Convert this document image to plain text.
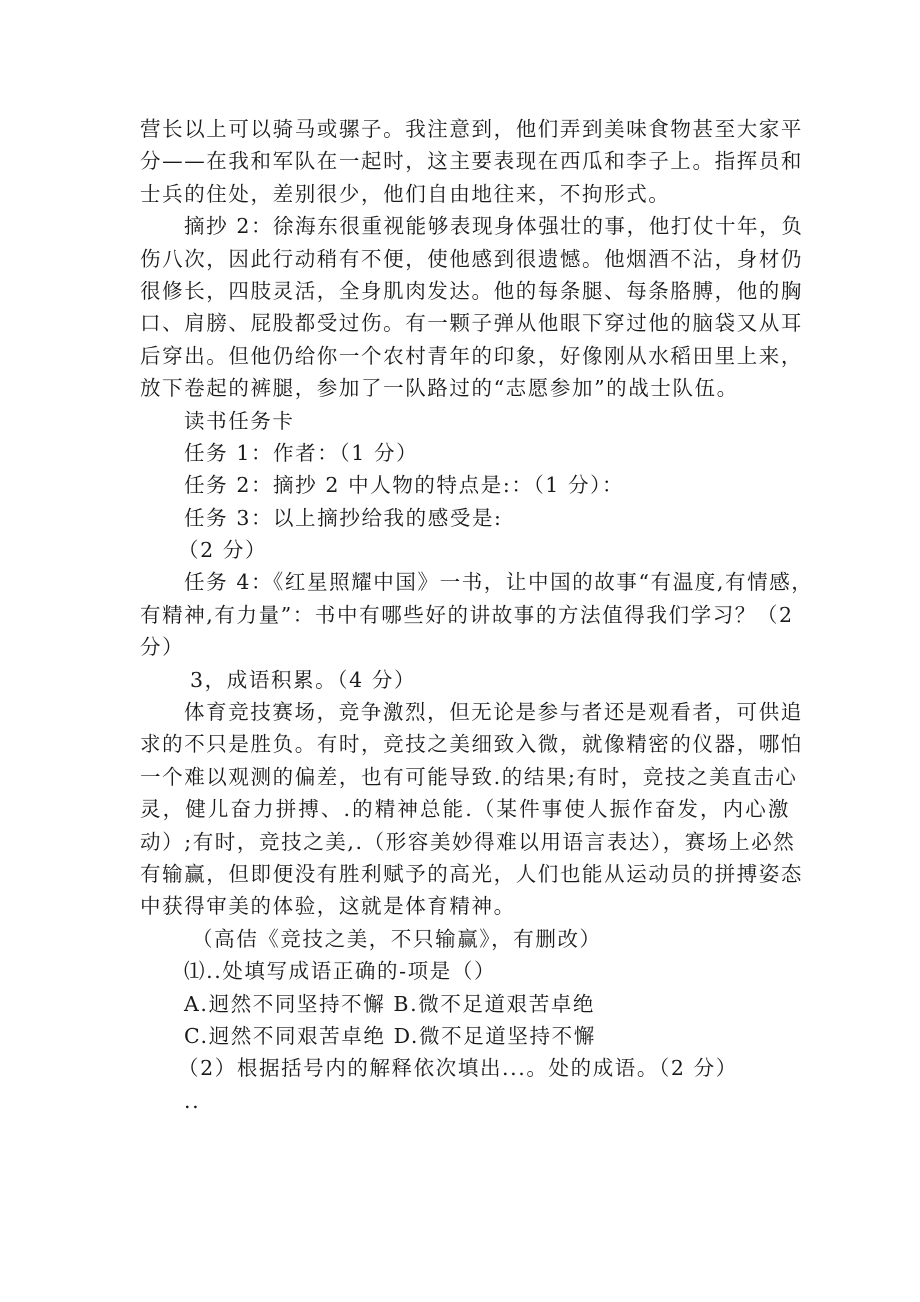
营长以上可以骑马或骡子。我注意到，他们弄到美味食物甚至大家平
分——在我和军队在一起时，这主要表现在西瓜和李子上。指挥员和
士兵的住处，差别很少，他们自由地往来，不拘形式。
摘抄 2：徐海东很重视能够表现身体强壮的事，他打仗十年，负
伤八次，因此行动稍有不便，使他感到很遗憾。他烟酒不沾，身材仍
很修长，四肢灵活，全身肌肉发达。他的每条腿、每条胳膊，他的胸
口、肩膀、屁股都受过伤。有一颗子弹从他眼下穿过他的脑袋又从耳
后穿出。但他仍给你一个农村青年的印象，好像刚从水稻田里上来，
放下卷起的裤腿，参加了一队路过的“志愿参加”的战士队伍。
读书任务卡
任务 1：作者：（1 分）
任务 2：摘抄 2 中人物的特点是:：（1 分）：
任务 3：以上摘抄给我的感受是:
（2 分）
任务 4：《红星照耀中国》一书，让中国的故事“有温度,有情感，
有精神,有力量”：书中有哪些好的讲故事的方法值得我们学习？（2
分）
3，成语积累。（4 分）
体育竞技赛场，竞争激烈，但无论是参与者还是观看者，可供追
求的不只是胜负。有时，竞技之美细致入微，就像精密的仪器，哪怕
一个难以观测的偏差，也有可能导致.的结果;有时，竞技之美直击心
灵，健儿奋力拼搏、.的精神总能.（某件事使人振作奋发，内心激
动）;有时，竞技之美,.（形容美妙得难以用语言表达），赛场上必然
有输赢，但即便没有胜利赋予的高光，人们也能从运动员的拼搏姿态
中获得审美的体验，这就是体育精神。
（高佶《竞技之美，不只输赢》，有删改）
⑴..处填写成语正确的-项是（）
A.迥然不同坚持不懈 B.微不足道艰苦卓绝
C.迥然不同艰苦卓绝 D.微不足道坚持不懈
（2）根据括号内的解释依次填出...。处的成语。（2 分）
..
